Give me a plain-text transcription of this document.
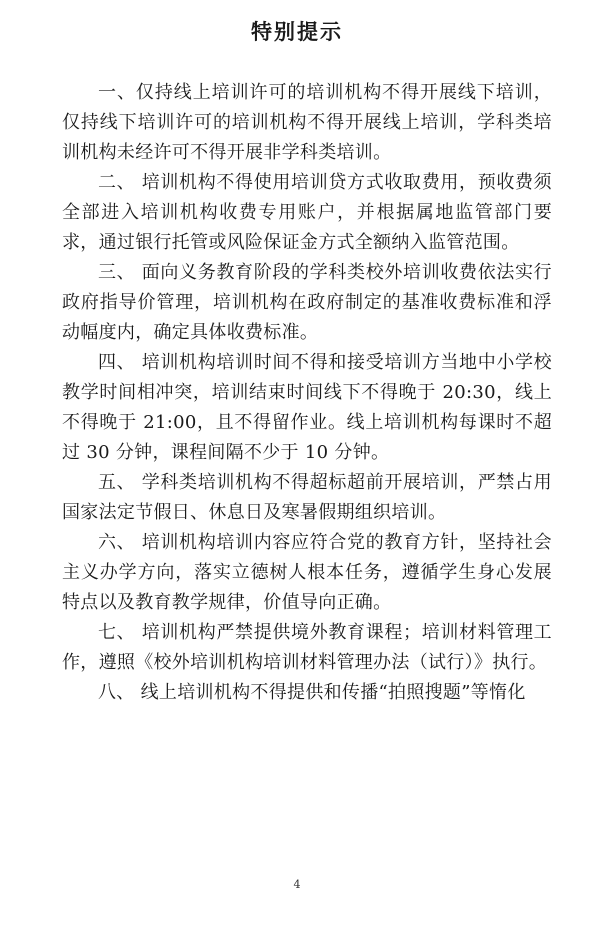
特别提示

一、仅持线上培训许可的培训机构不得开展线下培训，仅持线下培训许可的培训机构不得开展线上培训，学科类培训机构未经许可不得开展非学科类培训。

二、 培训机构不得使用培训贷方式收取费用，预收费须全部进入培训机构收费专用账户，并根据属地监管部门要求，通过银行托管或风险保证金方式全额纳入监管范围。

三、 面向义务教育阶段的学科类校外培训收费依法实行政府指导价管理，培训机构在政府制定的基准收费标准和浮动幅度内，确定具体收费标准。

四、 培训机构培训时间不得和接受培训方当地中小学校教学时间相冲突，培训结束时间线下不得晚于 20:30，线上不得晚于 21:00，且不得留作业。线上培训机构每课时不超过 30 分钟，课程间隔不少于 10 分钟。

五、 学科类培训机构不得超标超前开展培训，严禁占用国家法定节假日、休息日及寒暑假期组织培训。

六、 培训机构培训内容应符合党的教育方针，坚持社会主义办学方向，落实立德树人根本任务，遵循学生身心发展特点以及教育教学规律，价值导向正确。

七、 培训机构严禁提供境外教育课程；培训材料管理工作，遵照《校外培训机构培训材料管理办法（试行）》执行。

八、 线上培训机构不得提供和传播“拍照搜题”等惰化

4
